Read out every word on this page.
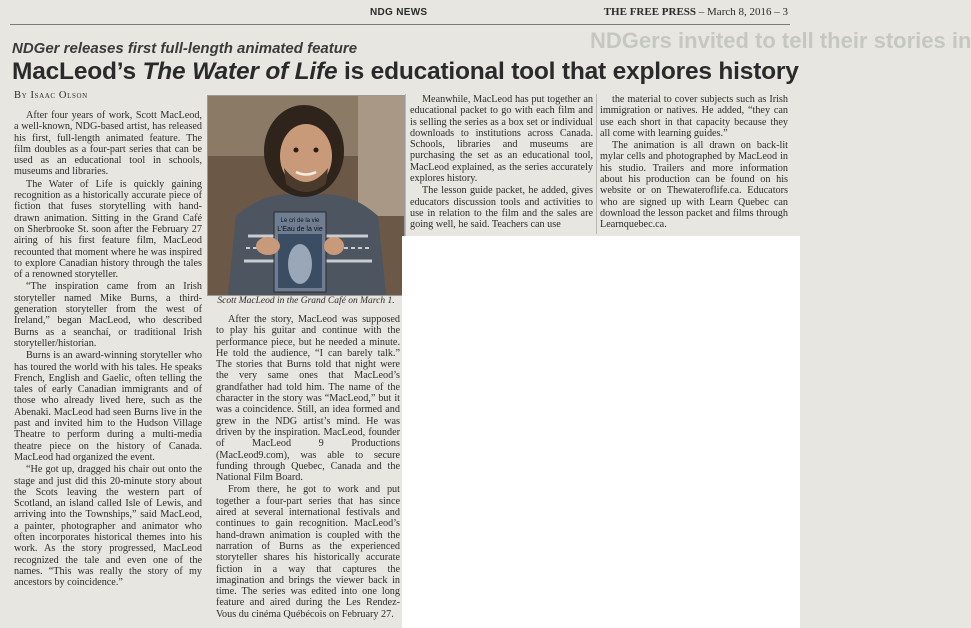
NDG NEWS	THE FREE PRESS – March 8, 2016 – 3
NDGers invited to tell their stories in
NDGer releases first full-length animated feature
MacLeod’s The Water of Life is educational tool that explores history
By Isaac Olson

After four years of work, Scott MacLeod, a well-known, NDG-based artist, has released his first, full-length animated feature. The film doubles as a four-part series that can be used as an educational tool in schools, museums and libraries.

The Water of Life is quickly gaining recognition as a historically accurate piece of fiction that fuses storytelling with hand-drawn animation. Sitting in the Grand Café on Sherbrooke St. soon after the February 27 airing of his first feature film, MacLeod recounted that moment where he was inspired to explore Canadian history through the tales of a renowned storyteller.

“The inspiration came from an Irish storyteller named Mike Burns, a third-generation storyteller from the west of Ireland,” began MacLeod, who described Burns as a seanchaí, or traditional Irish storyteller/historian.

Burns is an award-winning storyteller who has toured the world with his tales. He speaks French, English and Gaelic, often telling the tales of early Canadian immigrants and of those who already lived here, such as the Abenaki. MacLeod had seen Burns live in the past and invited him to the Hudson Village Theatre to perform during a multi-media theatre piece on the history of Canada. MacLeod had organized the event.

“He got up, dragged his chair out onto the stage and just did this 20-minute story about the Scots leaving the western part of Scotland, an island called Isle of Lewis, and arriving into the Townships,” said MacLeod, a painter, photographer and animator who often incorporates historical themes into his work. As the story progressed, MacLeod recognized the tale and even one of the names. “This was really the story of my ancestors by coincidence.”

Le cri de la vie
L’Eau de la vie
Scott MacLeod in the Grand Café on March 1.

After the story, MacLeod was supposed to play his guitar and continue with the performance piece, but he needed a minute. He told the audience, “I can barely talk.” The stories that Burns told that night were the very same ones that MacLeod’s grandfather had told him. The name of the character in the story was “MacLeod,” but it was a coincidence. Still, an idea formed and grew in the NDG artist’s mind. He was driven by the inspiration. MacLeod, founder of MacLeod 9 Productions (MacLeod9.com), was able to secure funding through Quebec, Canada and the National Film Board.

From there, he got to work and put together a four-part series that has since aired at several international festivals and continues to gain recognition. MacLeod’s hand-drawn animation is coupled with the narration of Burns as the experienced storyteller shares his historically accurate fiction in a way that captures the imagination and brings the viewer back in time. The series was edited into one long feature and aired during the Les Rendez-Vous du cinéma Québécois on February 27.

Meanwhile, MacLeod has put together an educational packet to go with each film and is selling the series as a box set or individual downloads to institutions across Canada. Schools, libraries and museums are purchasing the set as an educational tool, MacLeod explained, as the series accurately explores history.

The lesson guide packet, he added, gives educators discussion tools and activities to use in relation to the film and the sales are going well, he said. Teachers can use

the material to cover subjects such as Irish immigration or natives. He added, “they can use each short in that capacity because they all come with learning guides.”

The animation is all drawn on back-lit mylar cells and photographed by MacLeod in his studio. Trailers and more information about his production can be found on his website or on Thewateroflife.ca. Educators who are signed up with Learn Quebec can download the lesson packet and films through Learnquebec.ca.
